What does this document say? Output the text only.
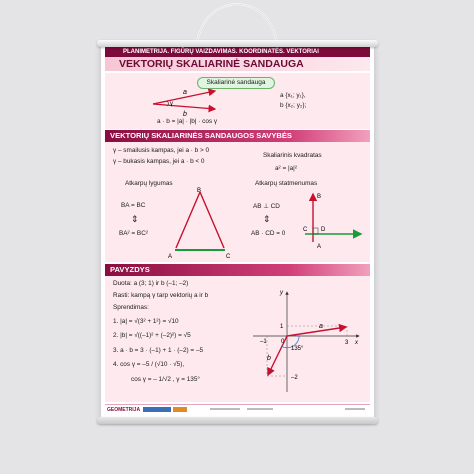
PLANIMETRIJA. FIGŪRŲ VAIZDAVIMAS. KOORDINATĖS. VEKTORIAI
VEKTORIŲ SKALIARINĖ SANDAUGA
Skaliarinė sandauga
γ
a
b
a {x₁; y₁},
b {x₂; y₂};
a · b = |a| · |b| · cos γ
VEKTORIŲ SKALIARINĖS SANDAUGOS SAVYBĖS
γ – smailusis kampas, jei a · b > 0
γ – bukasis kampas, jei a · b < 0
Skaliarinis kvadratas
a² = |a|²
Atkarpų lygumas
BA = BC
⇕
BA² = BC²
B
A	C
Atkarpų statmenumas
AB ⊥ CD
⇕
AB · CD = 0
B
A
D
C
PAVYZDYS
Duota: a (3; 1) ir b (–1; –2)
Rasti: kampą γ tarp vektorių a ir b
Sprendimas:
1. |a| = √(3² + 1²) = √10
2. |b| = √((–1)² + (–2)²) = √5
3. a · b = 3 · (–1) + 1 · (–2) = –5
4. cos γ = –5 / (√10 · √5),
cos γ = – 1/√2 , γ = 135°
135°
x
y
0
–1	3
1
–2
a
b
GEOMETRIJA
